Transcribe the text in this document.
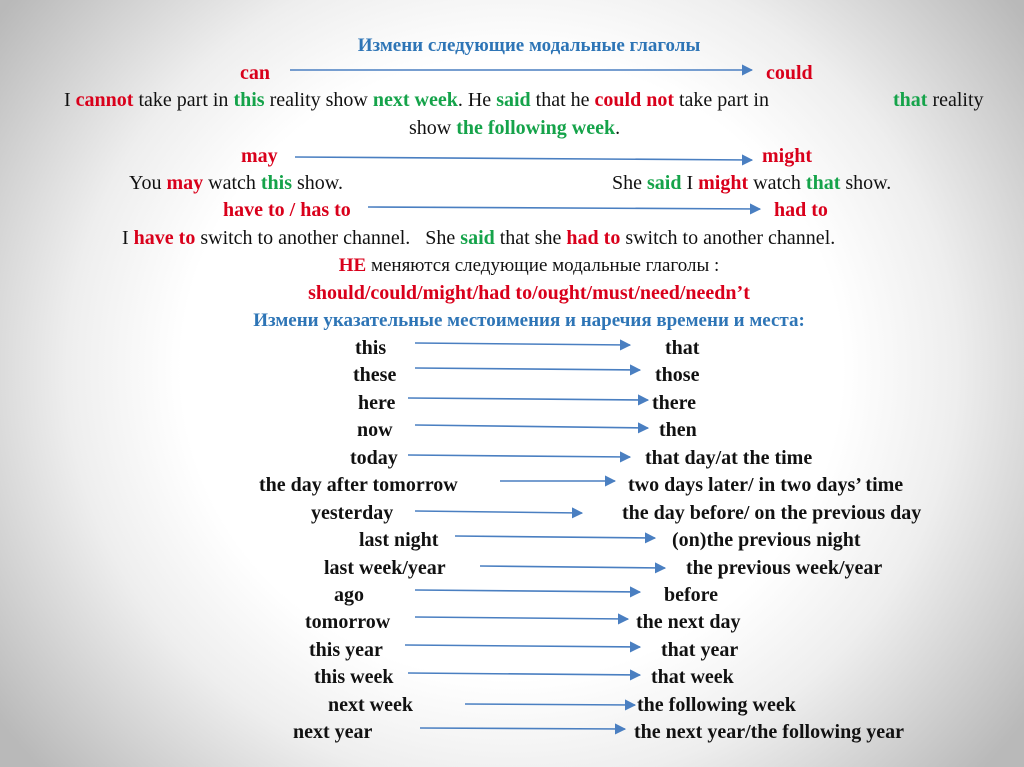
Измени следующие модальные глаголы
can	could
I cannot take part in this reality show next week. He said that he could not take part in	that reality
show the following week.
may	might
You may watch this show.	She said I might watch that show.
have to / has to	had to
I have to switch to another channel.   She said that she had to switch to another channel.
НЕ меняются следующие модальные глаголы :
should/could/might/had to/ought/must/need/needn’t
Измени указательные местоимения и наречия времени и места:
this	that
these	those
here	there
now	then
today	that day/at the time
the day after tomorrow	two days later/ in two days’ time
yesterday	the day before/ on the previous day
last night	(on)the previous night
last week/year	the previous week/year
ago	before
tomorrow	the next day
this year	that year
this week	that week
next week	the following week
next year	the next year/the following year
